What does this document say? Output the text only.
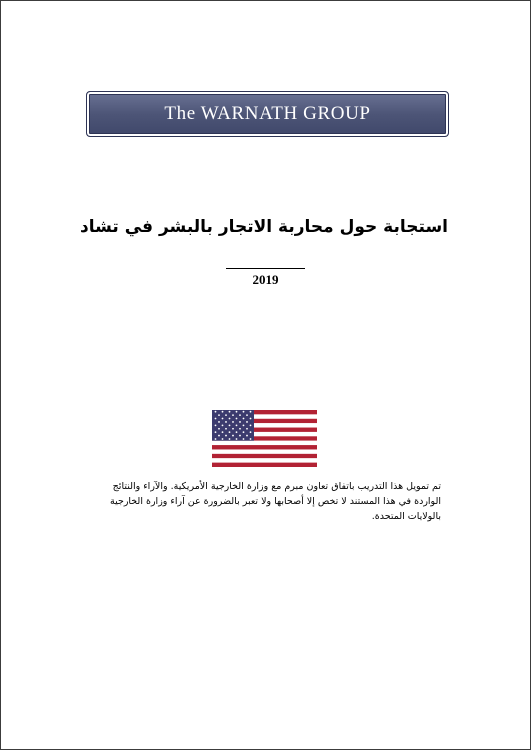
The WARNATH GROUP
استجابة حول محاربة الاتجار بالبشر في تشاد
2019
تم تمويل هذا التدريب باتفاق تعاون مبرم مع وزارة الخارجية الأمريكية. والآراء والنتائج الواردة في هذا المستند لا تخص إلا أصحابها ولا تعبر بالضرورة عن آراء وزارة الخارجية بالولايات المتحدة.
